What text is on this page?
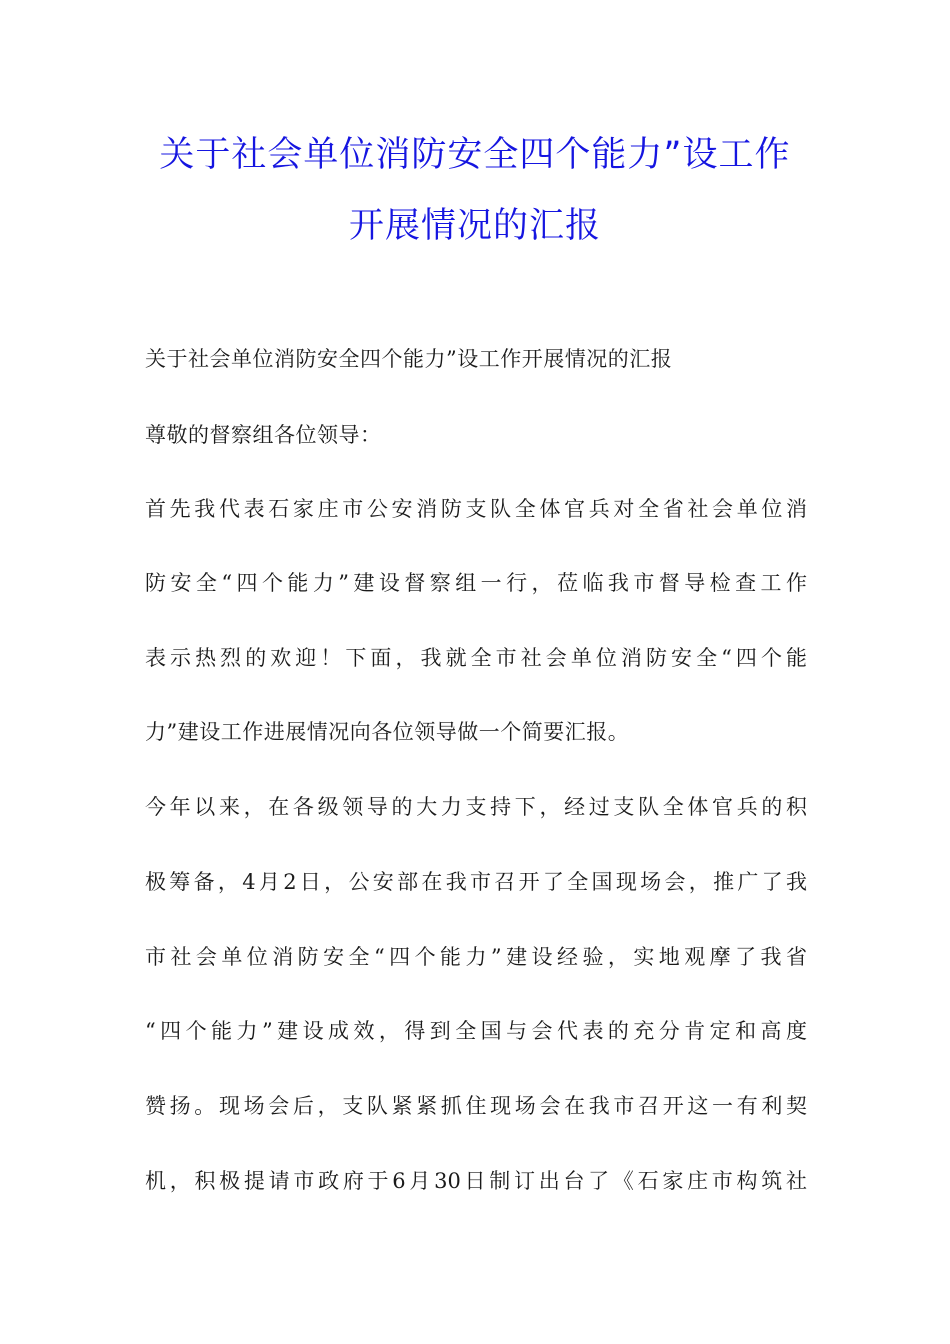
关于社会单位消防安全四个能力”设工作
开展情况的汇报
关于社会单位消防安全四个能力”设工作开展情况的汇报
尊敬的督察组各位领导：
首先我代表石家庄市公安消防支队全体官兵对全省社会单位消
防安全“四个能力”建设督察组一行，莅临我市督导检查工作
表示热烈的欢迎！下面，我就全市社会单位消防安全“四个能
力”建设工作进展情况向各位领导做一个简要汇报。
今年以来，在各级领导的大力支持下，经过支队全体官兵的积
极筹备，4月2日，公安部在我市召开了全国现场会，推广了我
市社会单位消防安全“四个能力”建设经验，实地观摩了我省
“四个能力”建设成效，得到全国与会代表的充分肯定和高度
赞扬。现场会后，支队紧紧抓住现场会在我市召开这一有利契
机，积极提请市政府于6月30日制订出台了《石家庄市构筑社
